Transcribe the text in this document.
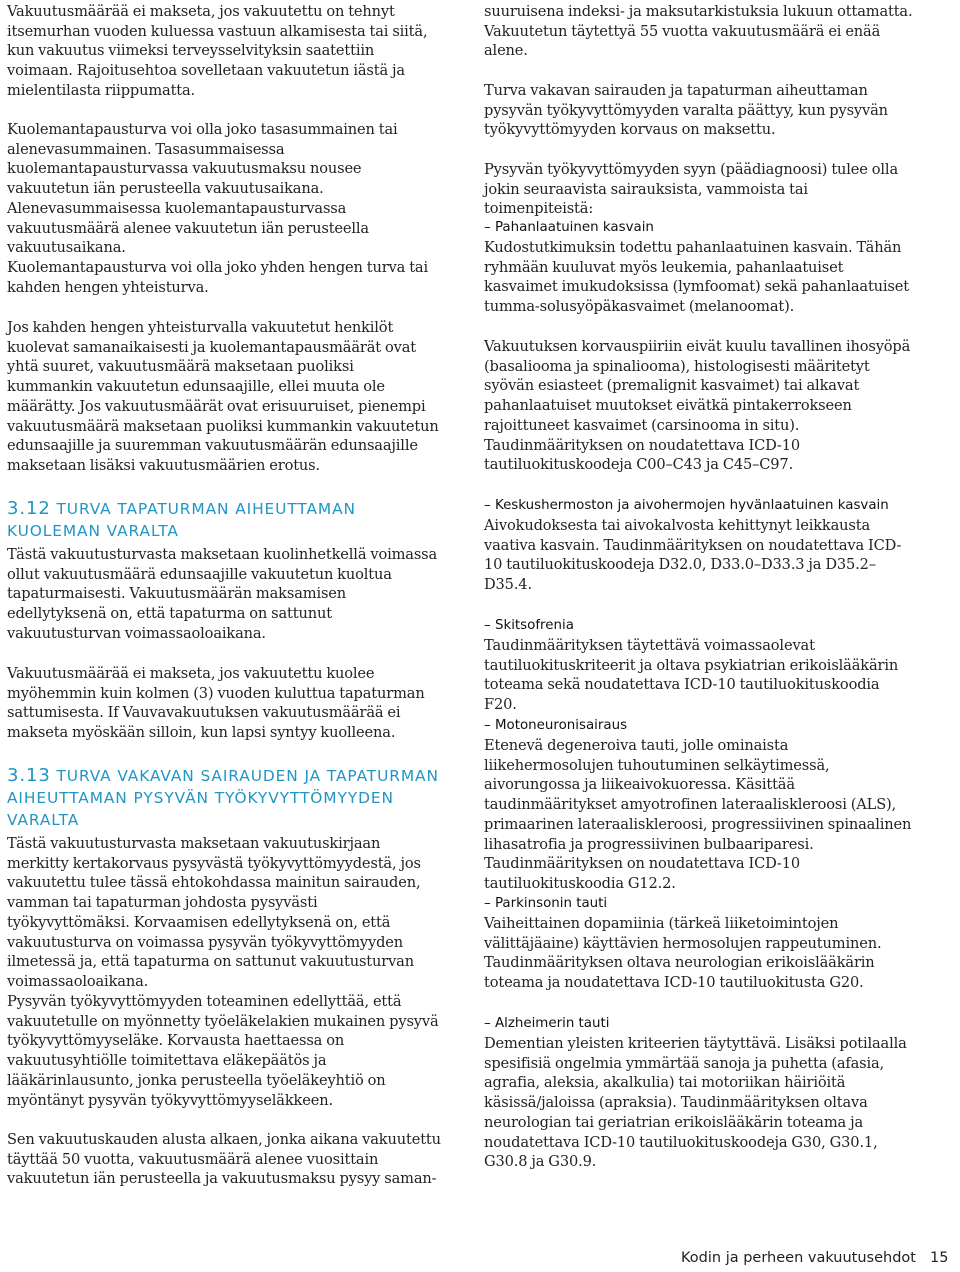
Vakuutusmäärää ei makseta, jos vakuutettu on tehnyt itsemurhan vuoden kuluessa vastuun alkamisesta tai siitä, kun vakuutus viimeksi terveysselvityksin saatettiin voimaan. Rajoitusehtoa sovelletaan vakuutetun iästä ja mielentilasta riippumatta.

Kuolemantapausturva voi olla joko tasasummainen tai alenevasummainen. Tasasummaisessa kuolemantapausturvassa vakuutusmaksu nousee vakuutetun iän perusteella vakuutusaikana. Alenevasummaisessa kuolemantapausturvassa vakuutusmäärä alenee vakuutetun iän perusteella vakuutusaikana.

Kuolemantapausturva voi olla joko yhden hengen turva tai kahden hengen yhteisturva.

Jos kahden hengen yhteisturvalla vakuutetut henkilöt kuolevat samanaikaisesti ja kuolemantapausmäärät ovat yhtä suuret, vakuutusmäärä maksetaan puoliksi kummankin vakuutetun edunsaajille, ellei muuta ole määrätty. Jos vakuutusmäärät ovat erisuuruiset, pienempi vakuutusmäärä maksetaan puoliksi kummankin vakuutetun edunsaajille ja suuremman vakuutusmäärän edunsaajille maksetaan lisäksi vakuutusmäärien erotus.

3.12 TURVA TAPATURMAN AIHEUTTAMAN KUOLEMAN VARALTA

Tästä vakuutusturvasta maksetaan kuolinhetkellä voimassa ollut vakuutusmäärä edunsaajille vakuutetun kuoltua tapaturmaisesti. Vakuutusmäärän maksamisen edellytyksenä on, että tapaturma on sattunut vakuutusturvan voimassaoloaikana.

Vakuutusmäärää ei makseta, jos vakuutettu kuolee myöhemmin kuin kolmen (3) vuoden kuluttua tapaturman sattumisesta. If Vauvavakuutuksen vakuutusmäärää ei makseta myöskään silloin, kun lapsi syntyy kuolleena.

3.13 TURVA VAKAVAN SAIRAUDEN JA TAPATURMAN AIHEUTTAMAN PYSYVÄN TYÖKYVYTTÖMYYDEN VARALTA

Tästä vakuutusturvasta maksetaan vakuutuskirjaan merkitty kertakorvaus pysyvästä työkyvyttömyydestä, jos vakuutettu tulee tässä ehtokohdassa mainitun sairauden, vamman tai tapaturman johdosta pysyvästi työkyvyttömäksi. Korvaamisen edellytyksenä on, että vakuutusturva on voimassa pysyvän työkyvyttömyyden ilmetessä ja, että tapaturma on sattunut vakuutusturvan voimassaoloaikana.

Pysyvän työkyvyttömyyden toteaminen edellyttää, että vakuutetulle on myönnetty työeläkelakien mukainen pysyvä työkyvyttömyyseläke. Korvausta haettaessa on vakuutusyhtiölle toimitettava eläkepäätös ja lääkärinlausunto, jonka perusteella työeläkeyhtiö on myöntänyt pysyvän työkyvyttömyyseläkkeen.

Sen vakuutuskauden alusta alkaen, jonka aikana vakuutettu täyttää 50 vuotta, vakuutusmäärä alenee vuosittain vakuutetun iän perusteella ja vakuutusmaksu pysyy saman-

suuruisena indeksi- ja maksutarkistuksia lukuun ottamatta. Vakuutetun täytettyä 55 vuotta vakuutusmäärä ei enää alene.

Turva vakavan sairauden ja tapaturman aiheuttaman pysyvän työkyvyttömyyden varalta päättyy, kun pysyvän työkyvyttömyyden korvaus on maksettu.

Pysyvän työkyvyttömyyden syyn (päädiagnoosi) tulee olla jokin seuraavista sairauksista, vammoista tai toimenpiteistä:

– Pahanlaatuinen kasvain

Kudostutkimuksin todettu pahanlaatuinen kasvain. Tähän ryhmään kuuluvat myös leukemia, pahanlaatuiset kasvaimet imukudoksissa (lymfoomat) sekä pahanlaatuiset tumma-solusyöpäkasvaimet (melanoomat).

Vakuutuksen korvauspiiriin eivät kuulu tavallinen ihosyöpä (basaliooma ja spinaliooma), histologisesti määritetyt syövän esiasteet (premalignit kasvaimet) tai alkavat pahanlaatuiset muutokset eivätkä pintakerrokseen rajoittuneet kasvaimet (carsinooma in situ). Taudinmäärityksen on noudatettava ICD-10 tautiluokituskoodeja C00–C43 ja C45–C97.

– Keskushermoston ja aivohermojen hyvänlaatuinen kasvain

Aivokudoksesta tai aivokalvosta kehittynyt leikkausta vaativa kasvain. Taudinmäärityksen on noudatettava ICD-10 tautiluokituskoodeja D32.0, D33.0–D33.3 ja D35.2–D35.4.

– Skitsofrenia

Taudinmäärityksen täytettävä voimassaolevat tautiluokituskriteerit ja oltava psykiatrian erikoislääkärin toteama sekä noudatettava ICD-10 tautiluokituskoodia F20.

– Motoneuronisairaus

Etenevä degeneroiva tauti, jolle ominaista liikehermosolujen tuhoutuminen selkäytimessä, aivorungossa ja liikeaivokuoressa. Käsittää taudinmääritykset amyotrofinen lateraaliskleroosi (ALS), primaarinen lateraaliskleroosi, progressiivinen spinaalinen lihasatrofia ja progressiivinen bulbaariparesi. Taudinmäärityksen on noudatettava ICD-10 tautiluokituskoodia G12.2.

– Parkinsonin tauti

Vaiheittainen dopamiinia (tärkeä liiketoimintojen välittäjäaine) käyttävien hermosolujen rappeutuminen. Taudinmäärityksen oltava neurologian erikoislääkärin toteama ja noudatettava ICD-10 tautiluokitusta G20.

– Alzheimerin tauti

Dementian yleisten kriteerien täytyttävä. Lisäksi potilaalla spesifisiä ongelmia ymmärtää sanoja ja puhetta (afasia, agrafia, aleksia, akalkulia) tai motoriikan häiriöitä käsissä/jaloissa (apraksia). Taudinmäärityksen oltava neurologian tai geriatrian erikoislääkärin toteama ja noudatettava ICD-10 tautiluokituskoodeja G30, G30.1, G30.8 ja G30.9.

Kodin ja perheen vakuutusehdot 15
